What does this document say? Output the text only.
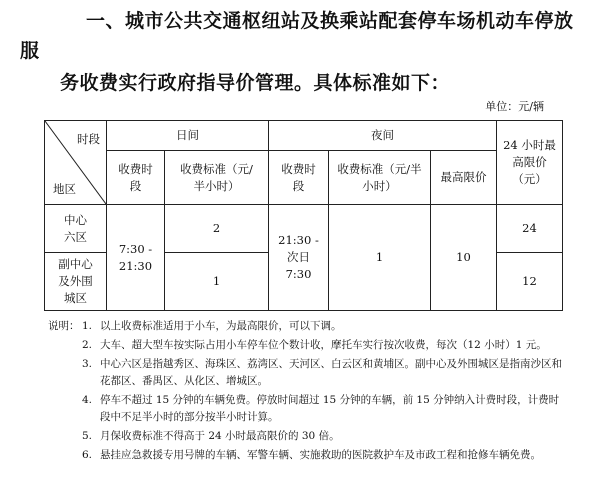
一、城市公共交通枢纽站及换乘站配套停车场机动车停放服
务收费实行政府指导价管理。具体标准如下：
单位：元/辆
时段
地区	日间		夜间			24 小时最高限价（元）
	收费时段	收费标准（元/半小时）	收费时段	收费标准（元/半小时）	最高限价	
中心六区	7:30 - 21:30	2	21:30 - 次日 7:30	1	10	24
副中心及外围城区		1				12
说明： 1. 以上收费标准适用于小车，为最高限价，可以下调。
2. 大车、超大型车按实际占用小车停车位个数计收，摩托车实行按次收费，每次（12 小时）1 元。
3. 中心六区是指越秀区、海珠区、荔湾区、天河区、白云区和黄埔区。副中心及外围城区是指南沙区和花都区、番禺区、从化区、增城区。
4. 停车不超过 15 分钟的车辆免费。停放时间超过 15 分钟的车辆，前 15 分钟纳入计费时段，计费时段中不足半小时的部分按半小时计算。
5. 月保收费标准不得高于 24 小时最高限价的 30 倍。
6. 悬挂应急救援专用号牌的车辆、军警车辆、实施救助的医院救护车及市政工程和抢修车辆免费。
